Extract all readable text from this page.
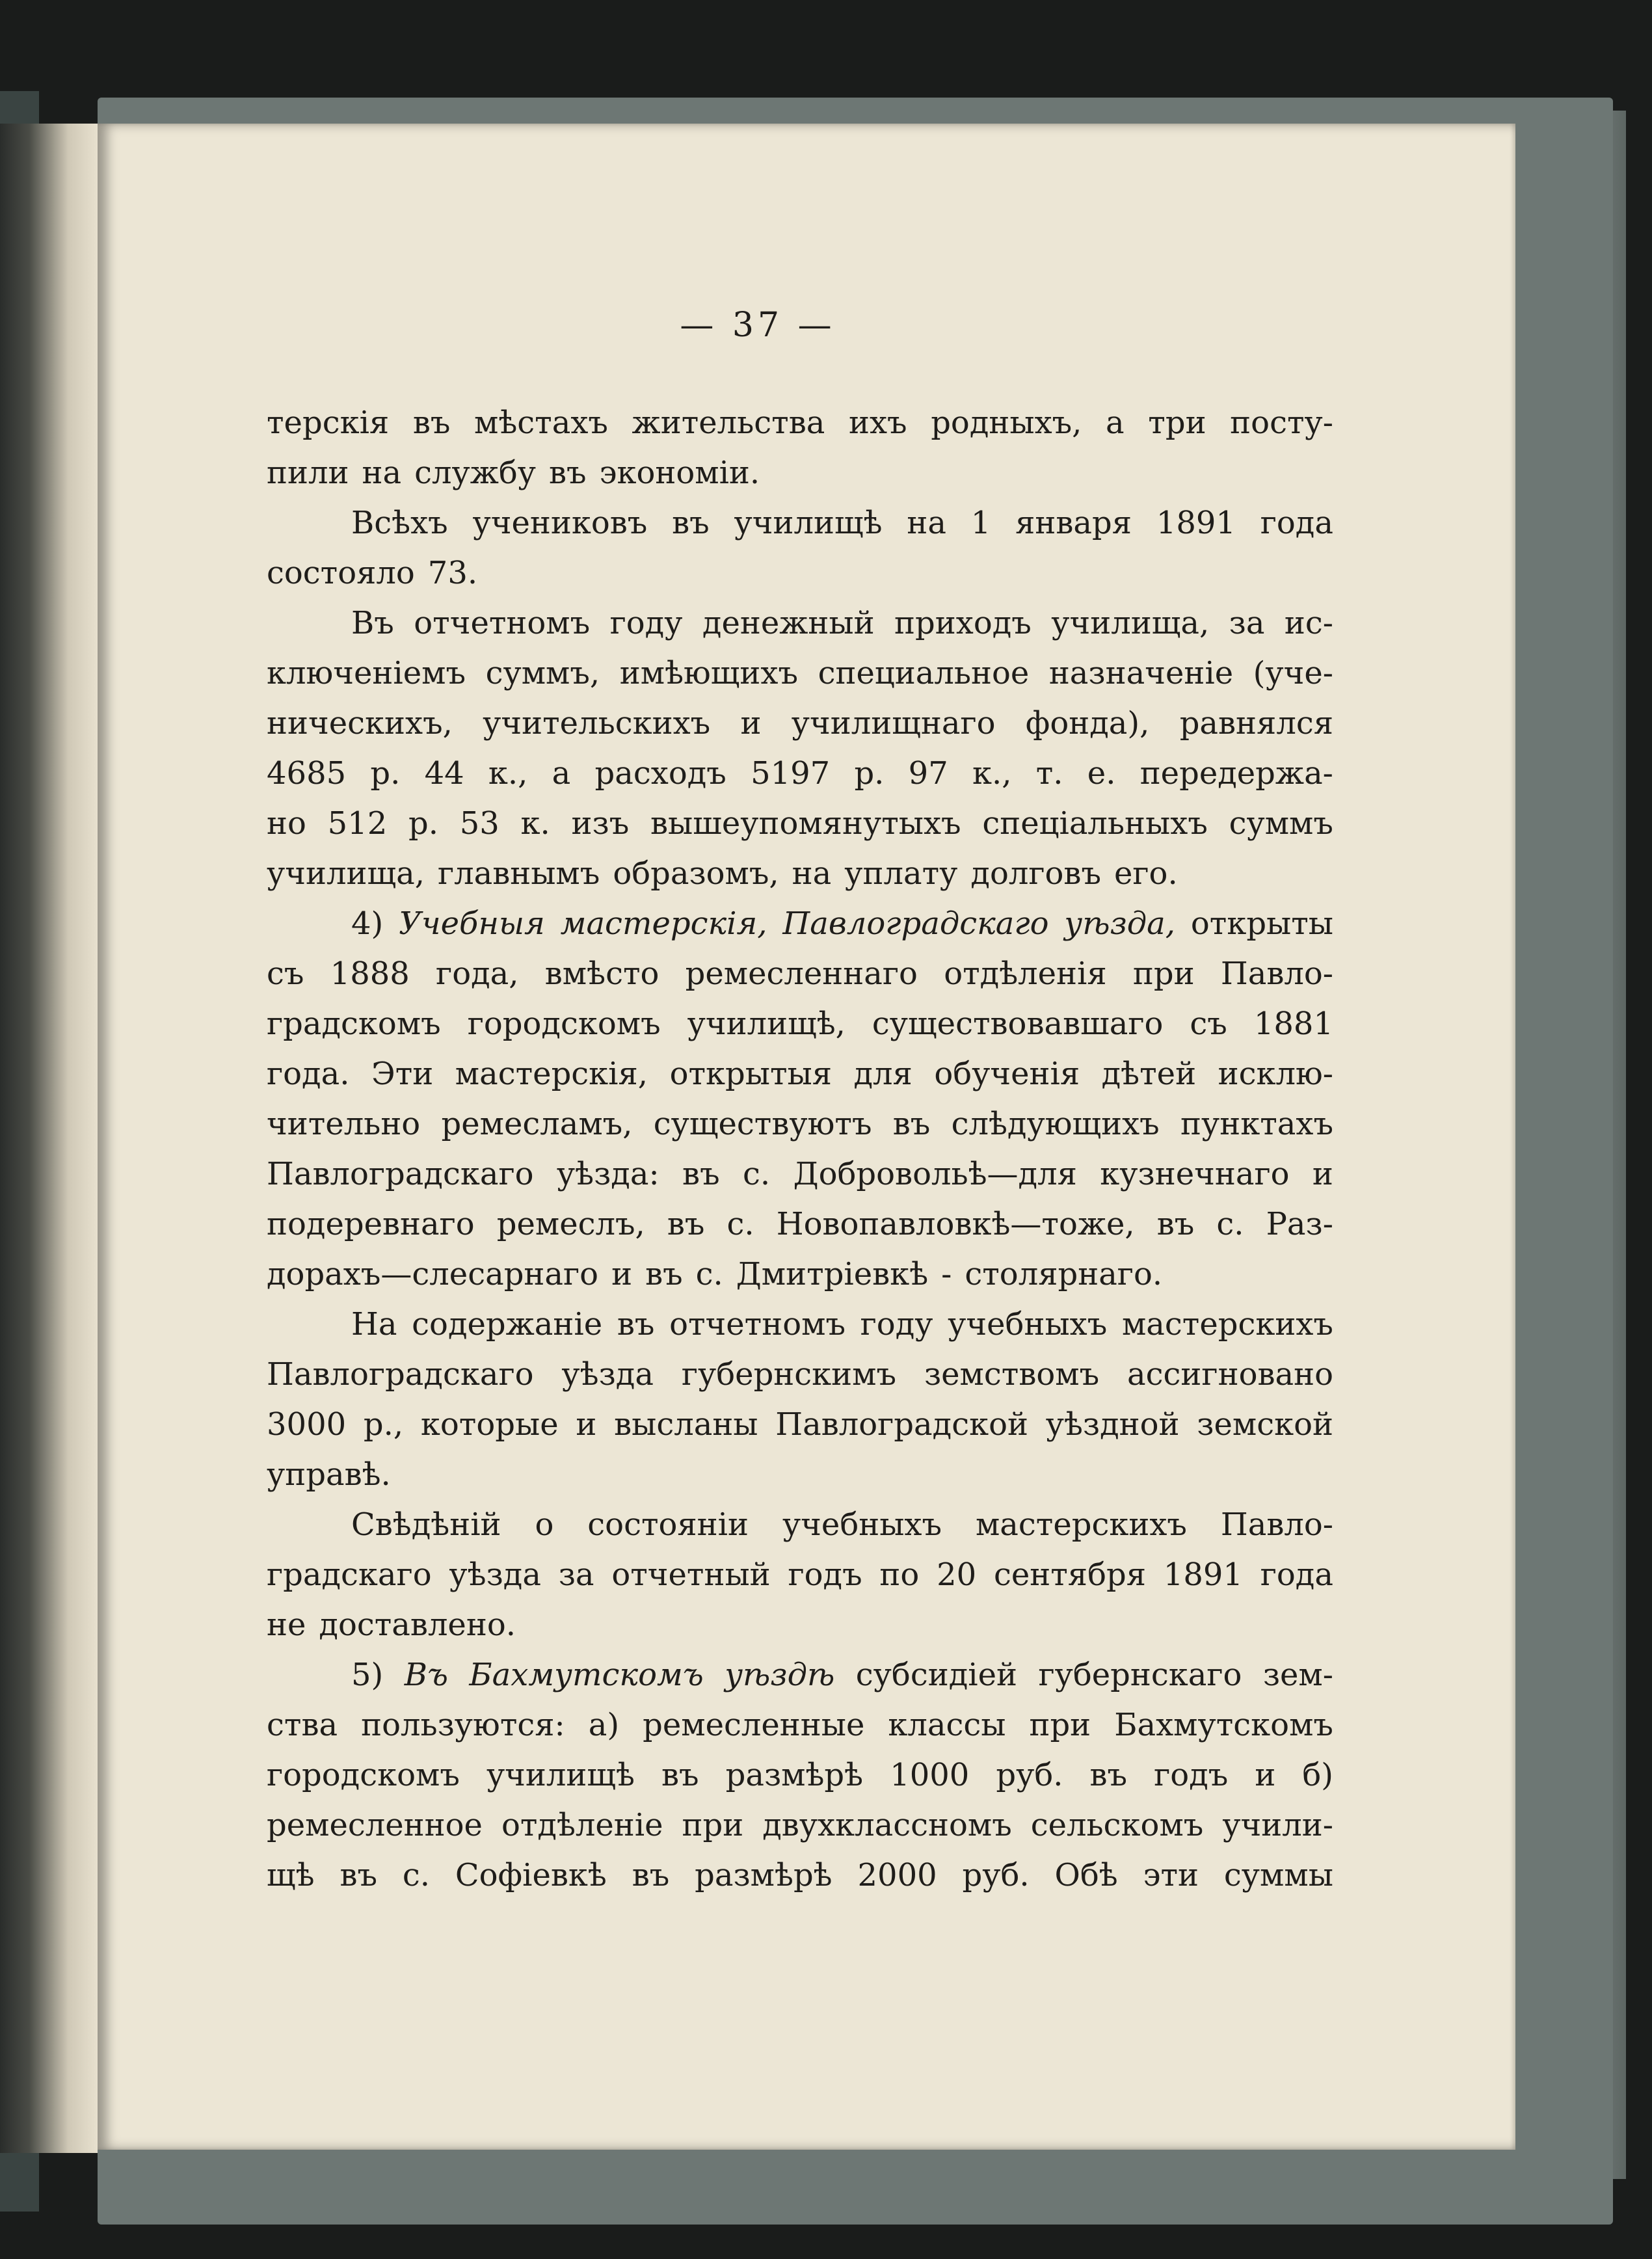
— 37 —
терскія въ мѣстахъ жительства ихъ родныхъ, а три посту-
пили на службу въ экономіи.
Всѣхъ учениковъ въ училищѣ на 1 января 1891 года
состояло 73.
Въ отчетномъ году денежный приходъ училища, за ис-
ключеніемъ суммъ, имѣющихъ специальное назначеніе (уче-
ническихъ, учительскихъ и училищнаго фонда), равнялся
4685 р. 44 к., а расходъ 5197 р. 97 к., т. е. передержа-
но 512 р. 53 к. изъ вышеупомянутыхъ спеціальныхъ суммъ
училища, главнымъ образомъ, на уплату долговъ его.
4) Учебныя мастерскія, Павлоградскаго уѣзда, открыты
съ 1888 года, вмѣсто ремесленнаго отдѣленія при Павло-
градскомъ городскомъ училищѣ, существовавшаго съ 1881
года. Эти мастерскія, открытыя для обученія дѣтей исклю-
чительно ремесламъ, существуютъ въ слѣдующихъ пунктахъ
Павлоградскаго уѣзда: въ с. Добровольѣ—для кузнечнаго и
подеревнаго ремеслъ, въ с. Новопавловкѣ—тоже, въ с. Раз-
дорахъ—слесарнаго и въ с. Дмитріевкѣ - столярнаго.
На содержаніе въ отчетномъ году учебныхъ мастерскихъ
Павлоградскаго уѣзда губернскимъ земствомъ ассигновано
3000 р., которые и высланы Павлоградской уѣздной земской
управѣ.
Свѣдѣній о состояніи учебныхъ мастерскихъ Павло-
градскаго уѣзда за отчетный годъ по 20 сентября 1891 года
не доставлено.
5) Въ Бахмутскомъ уѣздѣ субсидіей губернскаго зем-
ства пользуются: а) ремесленные классы при Бахмутскомъ
городскомъ училищѣ въ размѣрѣ 1000 руб. въ годъ и б)
ремесленное отдѣленіе при двухклассномъ сельскомъ учили-
щѣ въ с. Софіевкѣ въ размѣрѣ 2000 руб. Обѣ эти суммы
